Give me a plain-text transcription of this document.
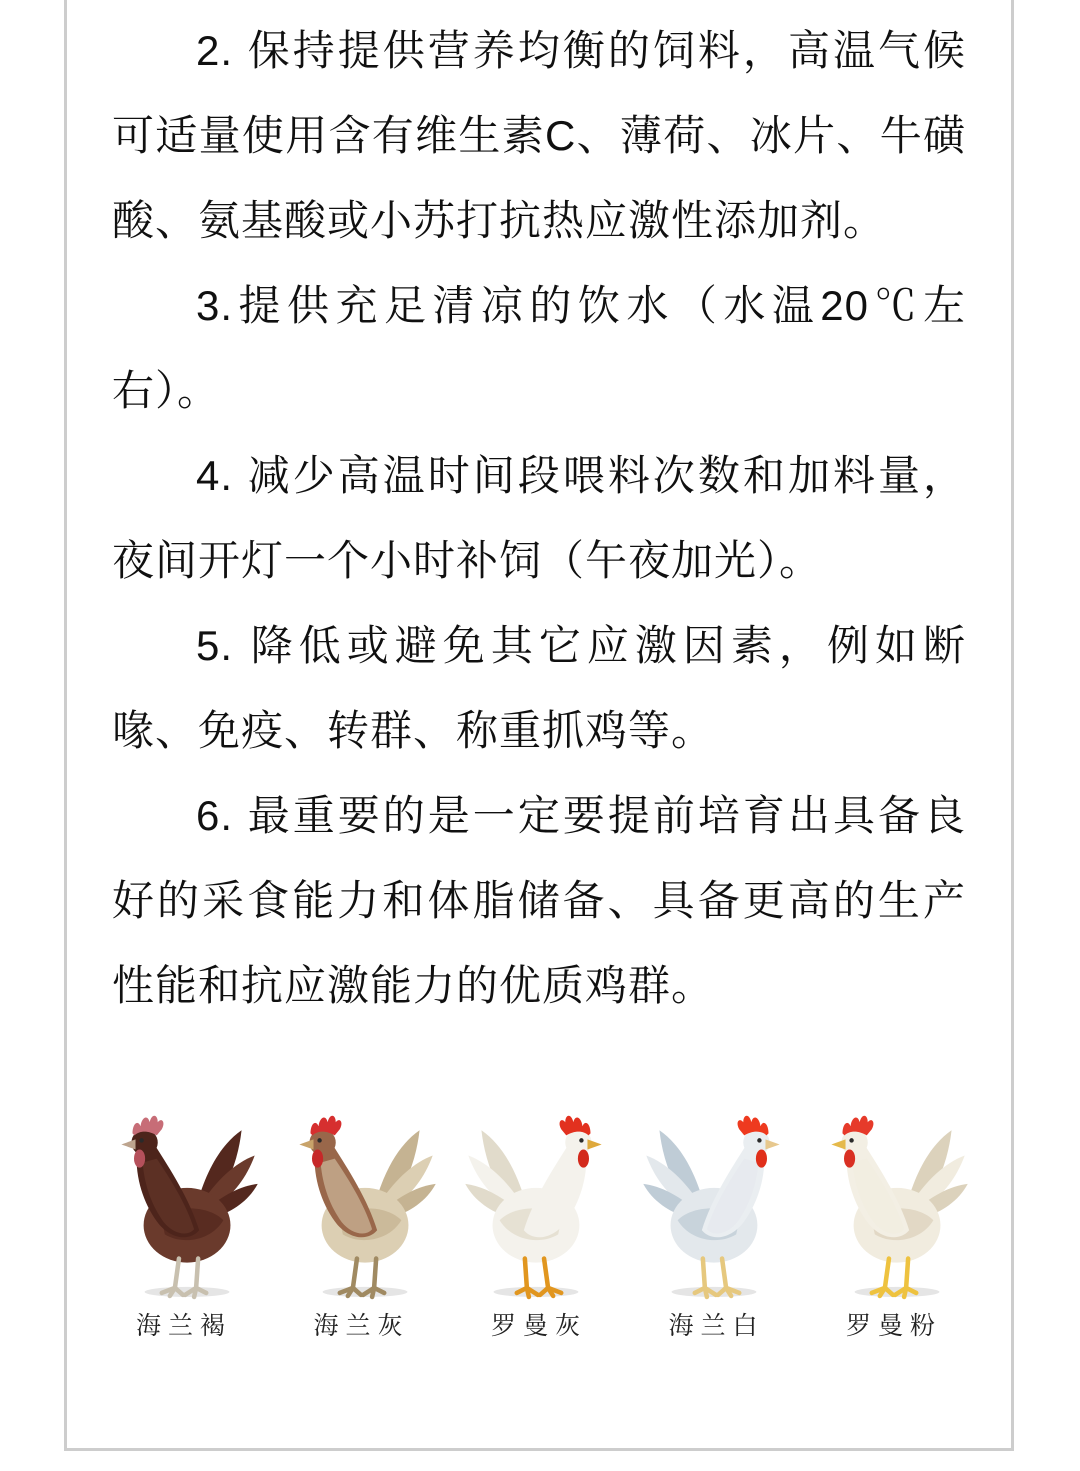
2. 保持提供营养均衡的饲料，高温气候可适量使用含有维生素C、薄荷、冰片、牛磺酸、氨基酸或小苏打抗热应激性添加剂。

3.提供充足清凉的饮水（水温20℃左右）。

4. 减少高温时间段喂料次数和加料量，夜间开灯一个小时补饲（午夜加光）。

5. 降低或避免其它应激因素，例如断喙、免疫、转群、称重抓鸡等。

6. 最重要的是一定要提前培育出具备良好的采食能力和体脂储备、具备更高的生产性能和抗应激能力的优质鸡群。

海兰褐	海兰灰	罗曼灰	海兰白	罗曼粉
